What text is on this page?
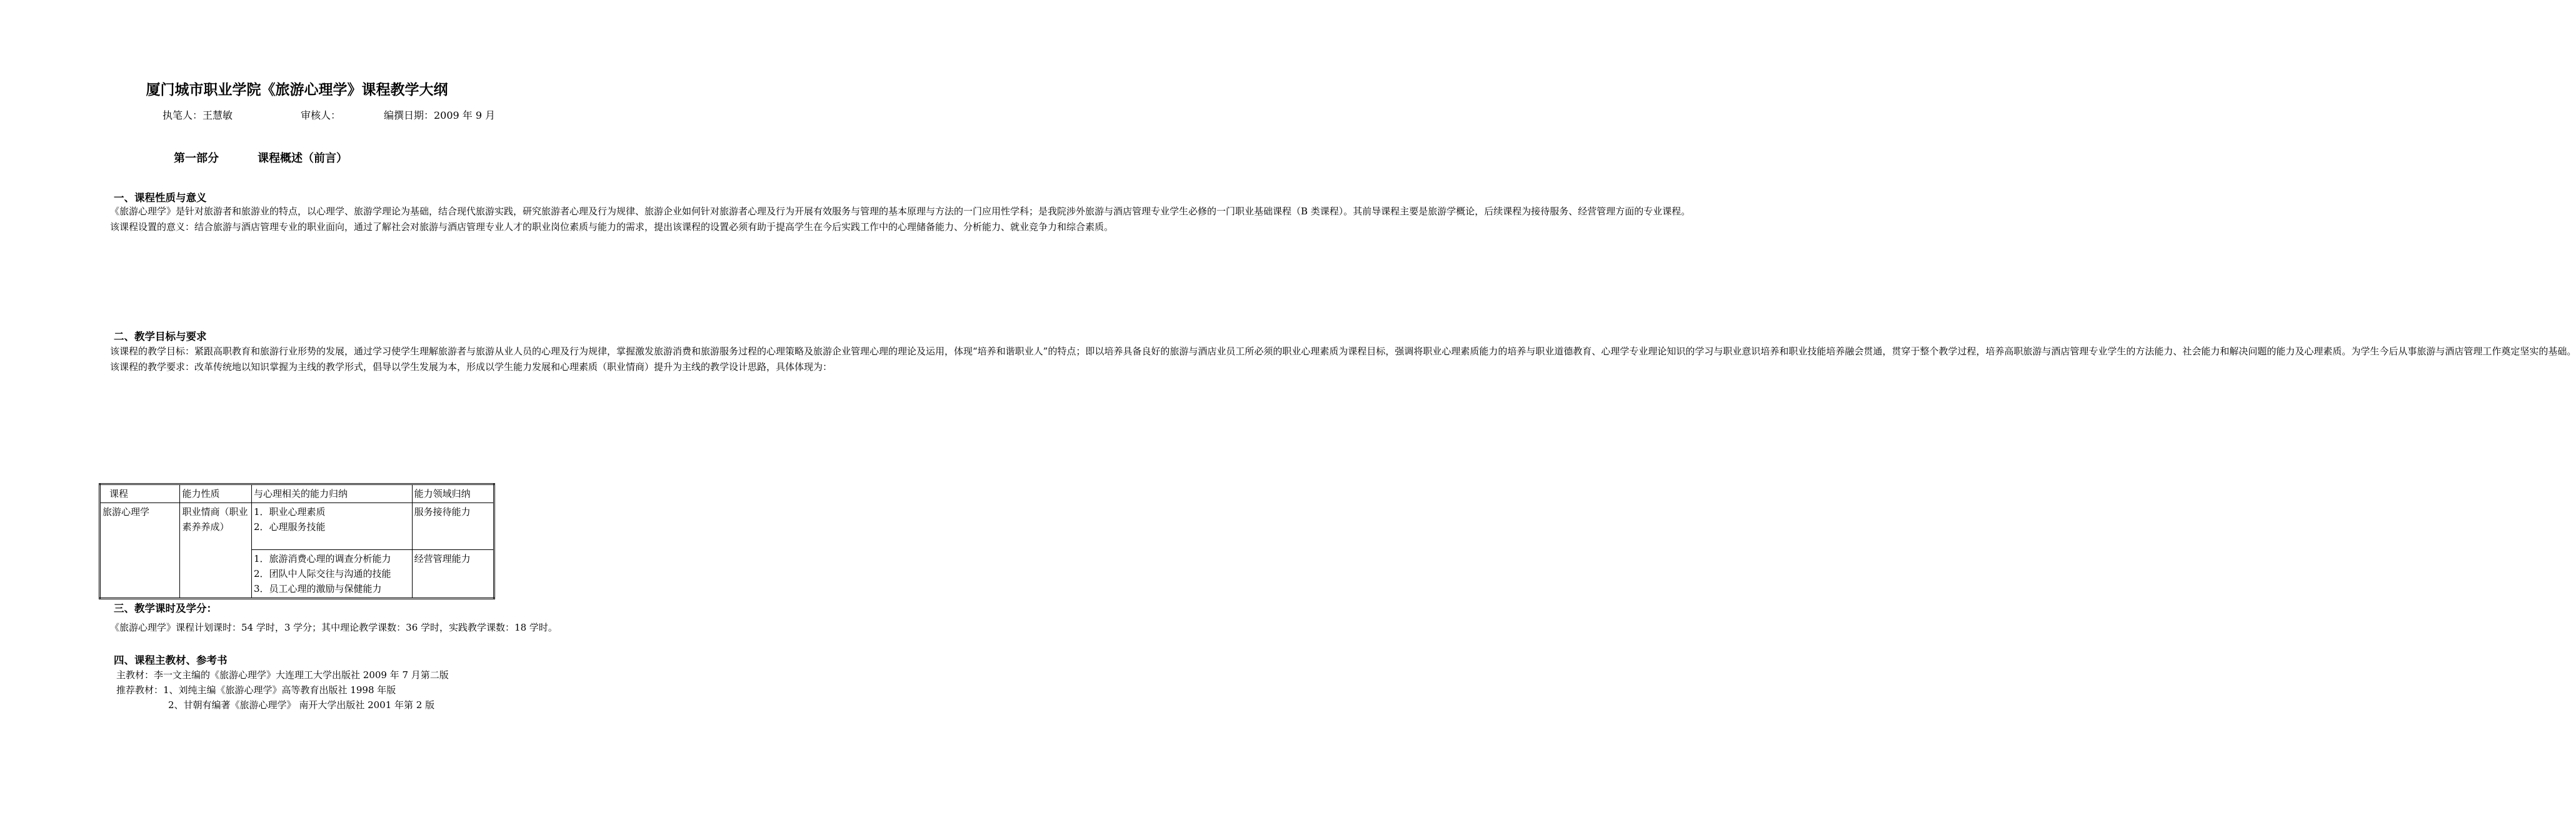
厦门城市职业学院《旅游心理学》课程教学大纲
执笔人：王慧敏	审核人：	编撰日期：2009 年 9 月
第一部分	课程概述（前言）
一、课程性质与意义

《旅游心理学》是针对旅游者和旅游业的特点，以心理学、旅游学理论为基础，结合现代旅游实践，研究旅游者心理及行为规律、旅游企业如何针对旅游者心理及行为开展有效服务与管理的基本原理与方法的一门应用性学科；是我院涉外旅游与酒店管理专业学生必修的一门职业基础课程（B 类课程）。其前导课程主要是旅游学概论，后续课程为接待服务、经营管理方面的专业课程。

该课程设置的意义：结合旅游与酒店管理专业的职业面向，通过了解社会对旅游与酒店管理专业人才的职业岗位素质与能力的需求，提出该课程的设置必须有助于提高学生在今后实践工作中的心理储备能力、分析能力、就业竞争力和综合素质。

二、教学目标与要求

该课程的教学目标：紧跟高职教育和旅游行业形势的发展，通过学习使学生理解旅游者与旅游从业人员的心理及行为规律，掌握激发旅游消费和旅游服务过程的心理策略及旅游企业管理心理的理论及运用，体现“培养和谐职业人”的特点；即以培养具备良好的旅游与酒店业员工所必须的职业心理素质为课程目标，强调将职业心理素质能力的培养与职业道德教育、心理学专业理论知识的学习与职业意识培养和职业技能培养融会贯通，贯穿于整个教学过程，培养高职旅游与酒店管理专业学生的方法能力、社会能力和解决问题的能力及心理素质。为学生今后从事旅游与酒店管理工作奠定坚实的基础。

该课程的教学要求：改革传统地以知识掌握为主线的教学形式，倡导以学生发展为本，形成以学生能力发展和心理素质（职业情商）提升为主线的教学设计思路，具体体现为：

课程	能力性质	与心理相关的能力归纳	能力领域归纳
旅游心理学	职业情商（职业素养养成）	1．职业心理素质
2．心理服务技能	服务接待能力

		1．旅游消费心理的调查分析能力
2．团队中人际交往与沟通的技能
3．员工心理的激励与保健能力	经营管理能力
三、教学课时及学分：

《旅游心理学》课程计划课时：54 学时，3 学分；其中理论教学课数：36 学时，实践教学课数：18 学时。

四、课程主教材、参考书
主教材：李一文主编的《旅游心理学》大连理工大学出版社 2009 年 7 月第二版
推荐教材：1、刘纯主编《旅游心理学》高等教育出版社 1998 年版
2、甘朝有编著《旅游心理学》 南开大学出版社 2001 年第 2 版
